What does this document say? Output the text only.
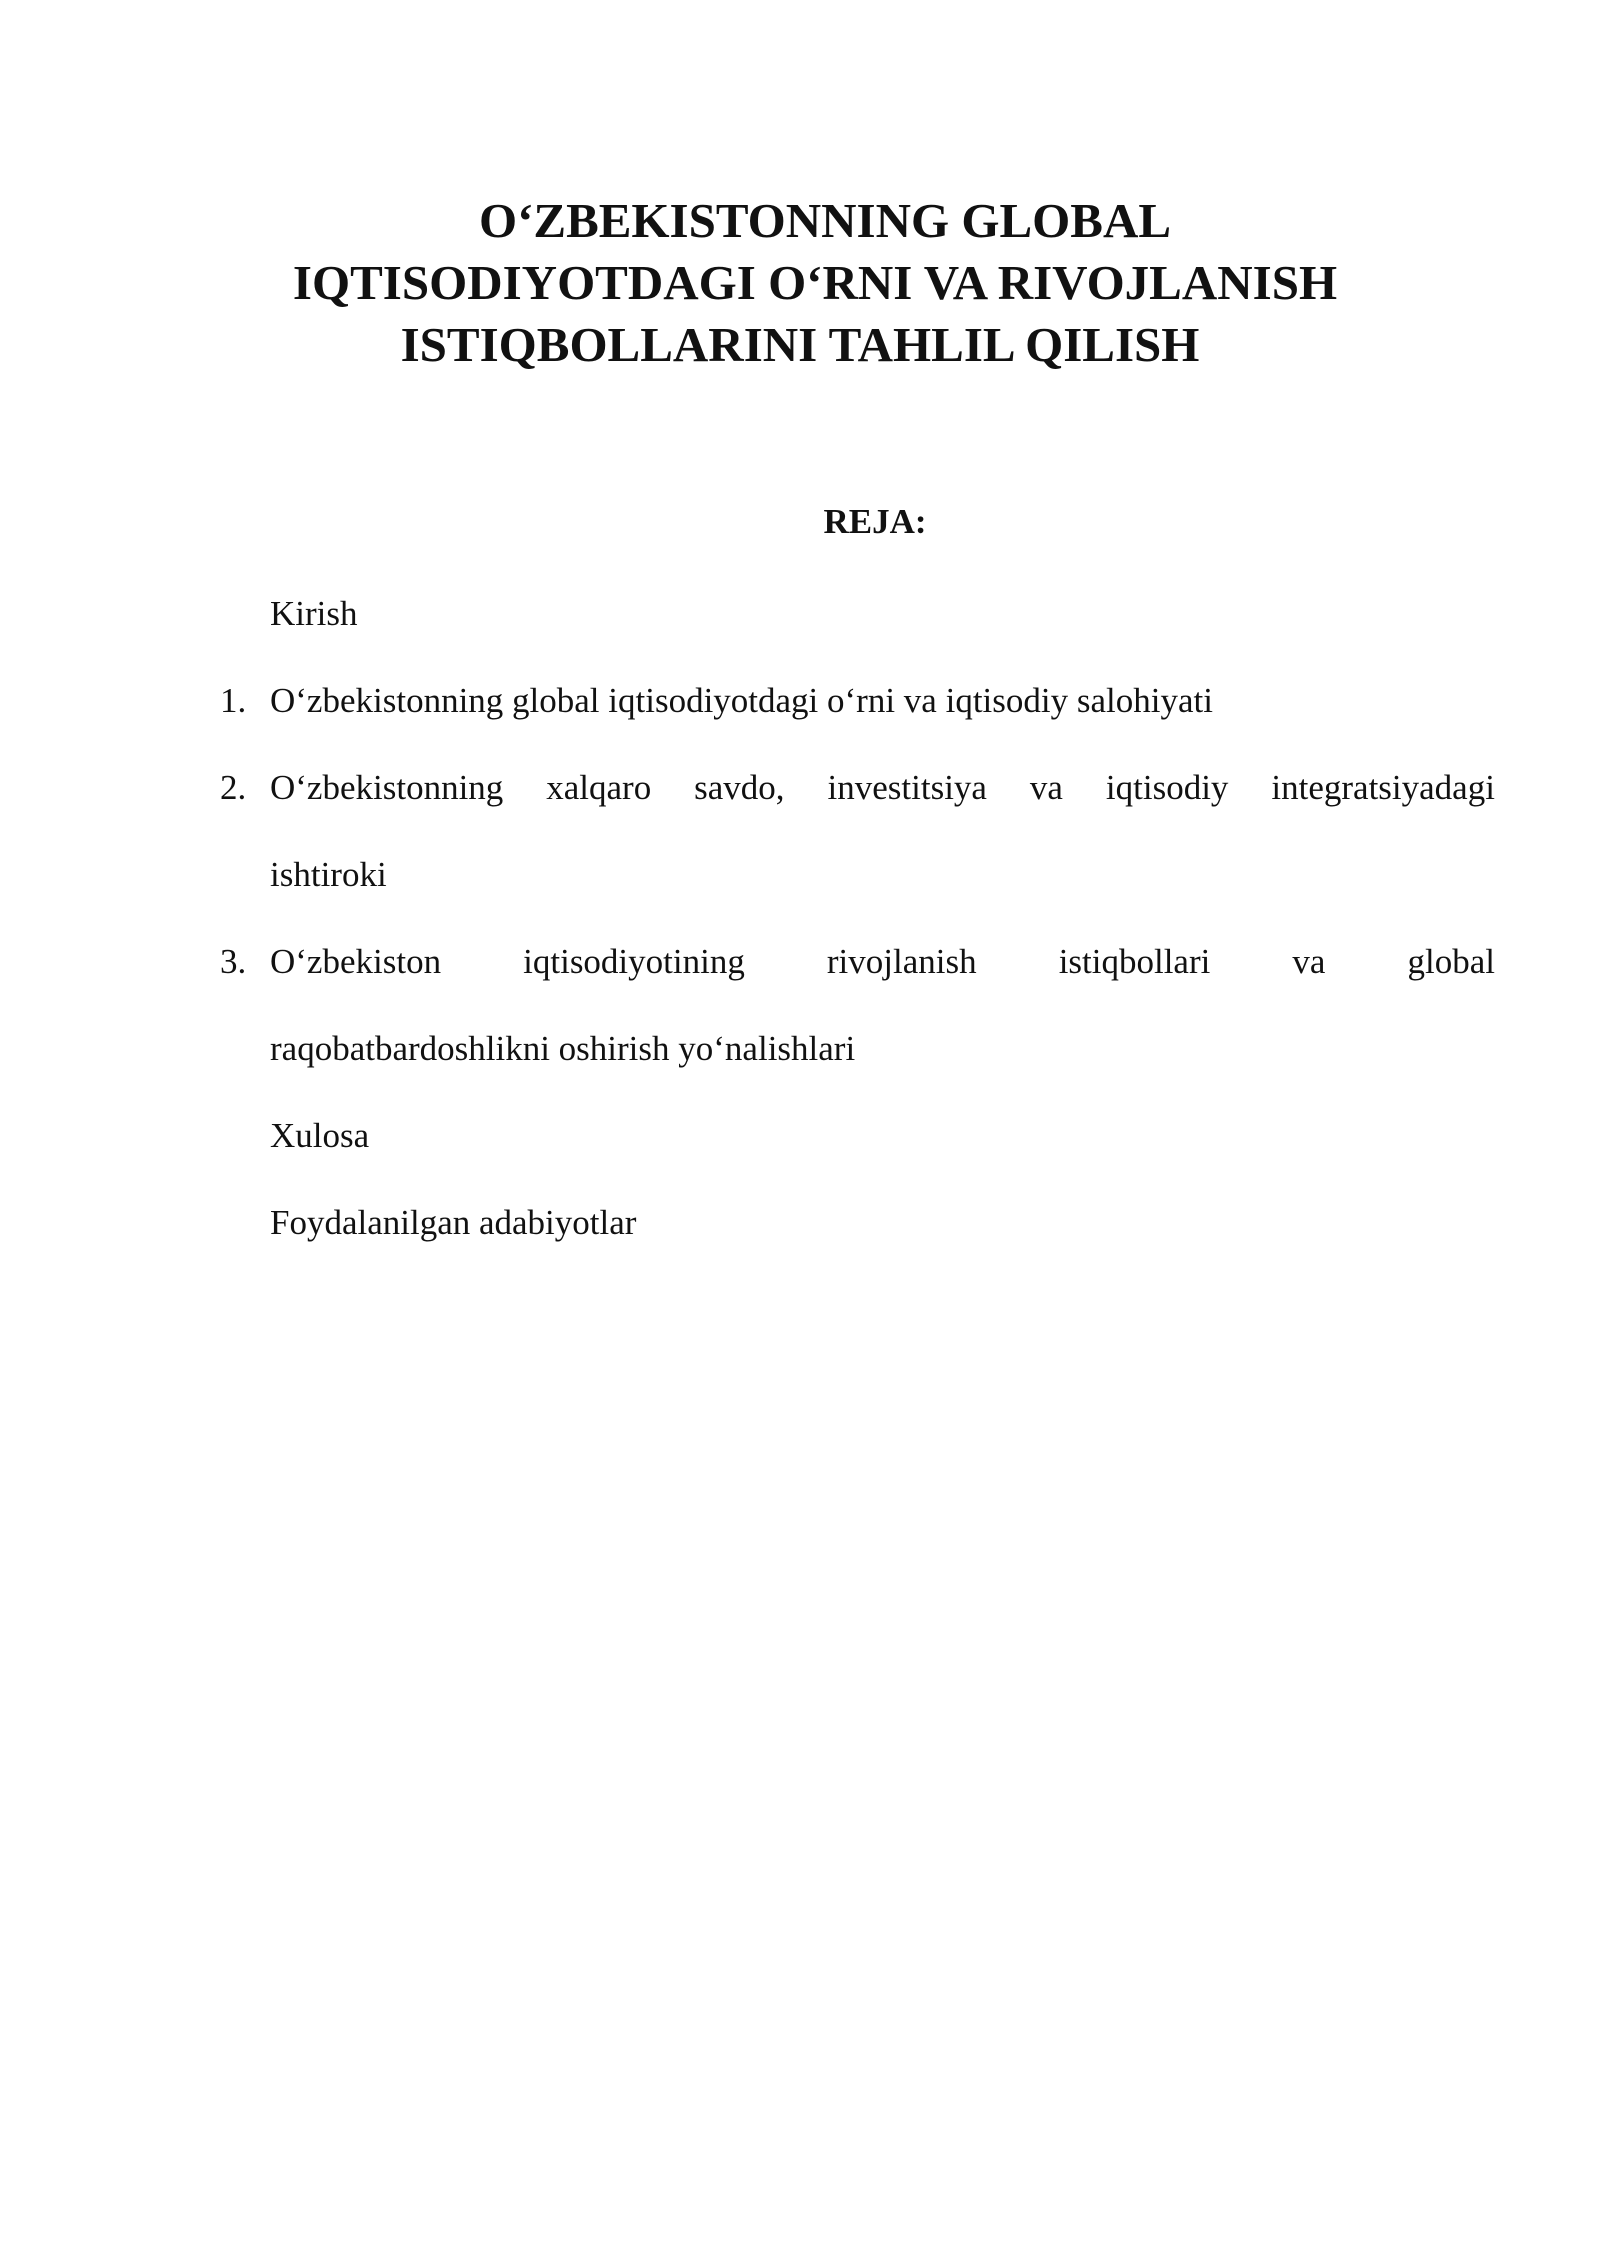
O‘ZBEKISTONNING GLOBAL
IQTISODIYOTDAGI O‘RNI VA RIVOJLANISH
ISTIQBOLLARINI TAHLIL QILISH
REJA:
Kirish
1. O‘zbekistonning global iqtisodiyotdagi o‘rni va iqtisodiy salohiyati
2. O‘zbekistonning xalqaro savdo, investitsiya va iqtisodiy integratsiyadagi
ishtiroki
3. O‘zbekiston iqtisodiyotining rivojlanish istiqbollari va global
raqobatbardoshlikni oshirish yo‘nalishlari
Xulosa
Foydalanilgan adabiyotlar
